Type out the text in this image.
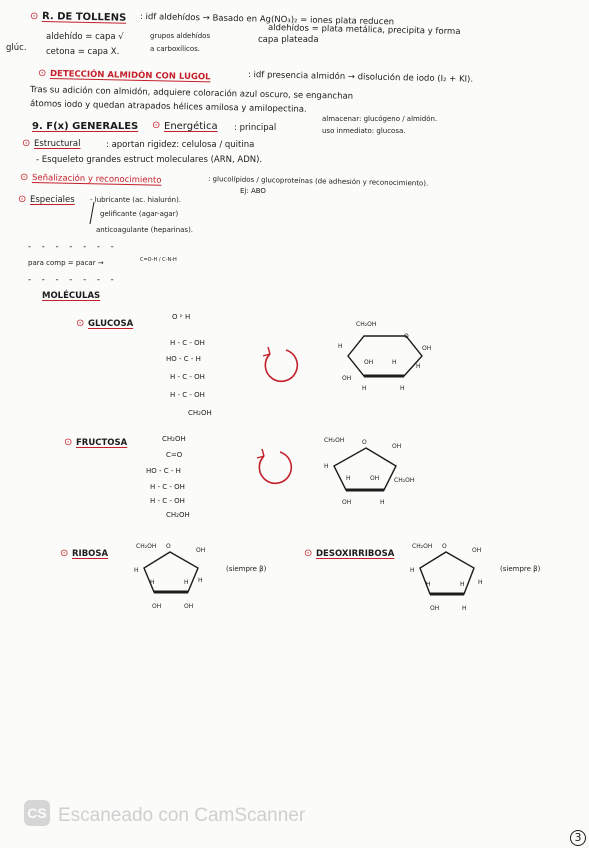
⊙ R. DE TOLLENS : idf aldehídos → Basado en Ag(NO₃)₂ = iones plata reducen
aldehídos = plata metálica, precipita y forma
glúc.
aldehído = capa √
cetona = capa X.
grupos aldehídos
a carboxílicos.
capa plateada
⊙ DETECCIÓN ALMIDÓN CON LUGOL	: idf presencia almidón → disolución de iodo (I₂ + KI).
Tras su adición con almidón, adquiere coloración azul oscuro, se enganchan
átomos iodo y quedan atrapados hélices amilosa y amilopectina.
9. F(x) GENERALES ⊙ Energética : principal
almacenar: glucógeno / almidón.
uso inmediato: glucosa.
⊙ Estructural	: aportan rigidez: celulosa / quitina
- Esqueleto grandes estruct moleculares (ARN, ADN).
⊙ Señalización y reconocimiento	: glucolípidos / glucoproteínas (de adhesión y reconocimiento).
Ej: ABO
⊙ Especiales - lubricante (ac. hialurón).
gelificante (agar-agar)
anticoagulante (heparinas).
- - - - - - -
para comp = pacar →	C=O-H / C-N-H
- - - - - - -
MOLÉCULAS
⊙ GLUCOSA
O ᵖ H
H - C - OH
HO - C - H
H - C - OH
H - C - OH
CH₂OH
CH₂OH
O
OH
H
OH	H
OH
H	H
H
⊙ FRUCTOSA	CH₂OH
C=O
HO - C - H
H - C - OH
H - C - OH
CH₂OH
CH₂OH	O
OH
H
H	OH CH₂OH
OH	H
⊙ RIBOSA
CH₂OH O
OH
H
H	H H
OH	OH
(siempre β)
⊙ DESOXIRRIBOSA
CH₂OH O
OH
H
H	H H
OH	H
(siempre β)
CS Escaneado con CamScanner
3
